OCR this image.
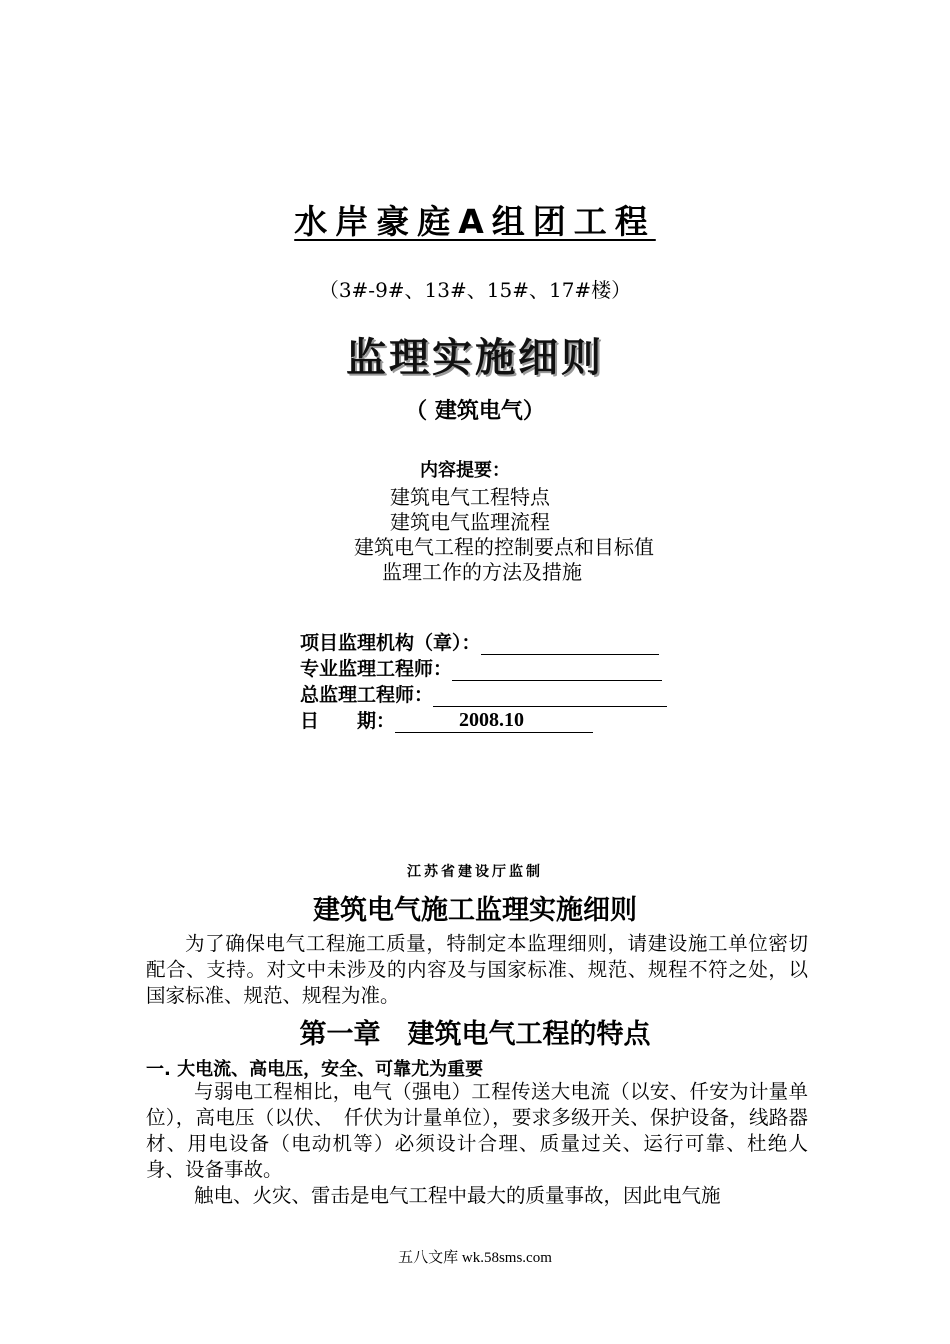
水岸豪庭A组团工程
（3#-9#、13#、15#、17#楼）
监理实施细则
（ 建筑电气）
内容提要：
建筑电气工程特点
建筑电气监理流程
建筑电气工程的控制要点和目标值
监理工作的方法及措施
项目监理机构（章）：
专业监理工程师：
总监理工程师：
日　　期：	2008.10
江苏省建设厅监制
建筑电气施工监理实施细则
为了确保电气工程施工质量，特制定本监理细则，请建设施工单位密切配合、支持。对文中未涉及的内容及与国家标准、规范、规程不符之处，以国家标准、规范、规程为准。
第一章　建筑电气工程的特点
一. 大电流、高电压，安全、可靠尤为重要
与弱电工程相比，电气（强电）工程传送大电流（以安、仟安为计量单位），高电压（以伏、　仟伏为计量单位），要求多级开关、保护设备，线路器材、用电设备（电动机等）必须设计合理、质量过关、运行可靠、杜绝人身、设备事故。
触电、火灾、雷击是电气工程中最大的质量事故，因此电气施
五八文库 wk.58sms.com
